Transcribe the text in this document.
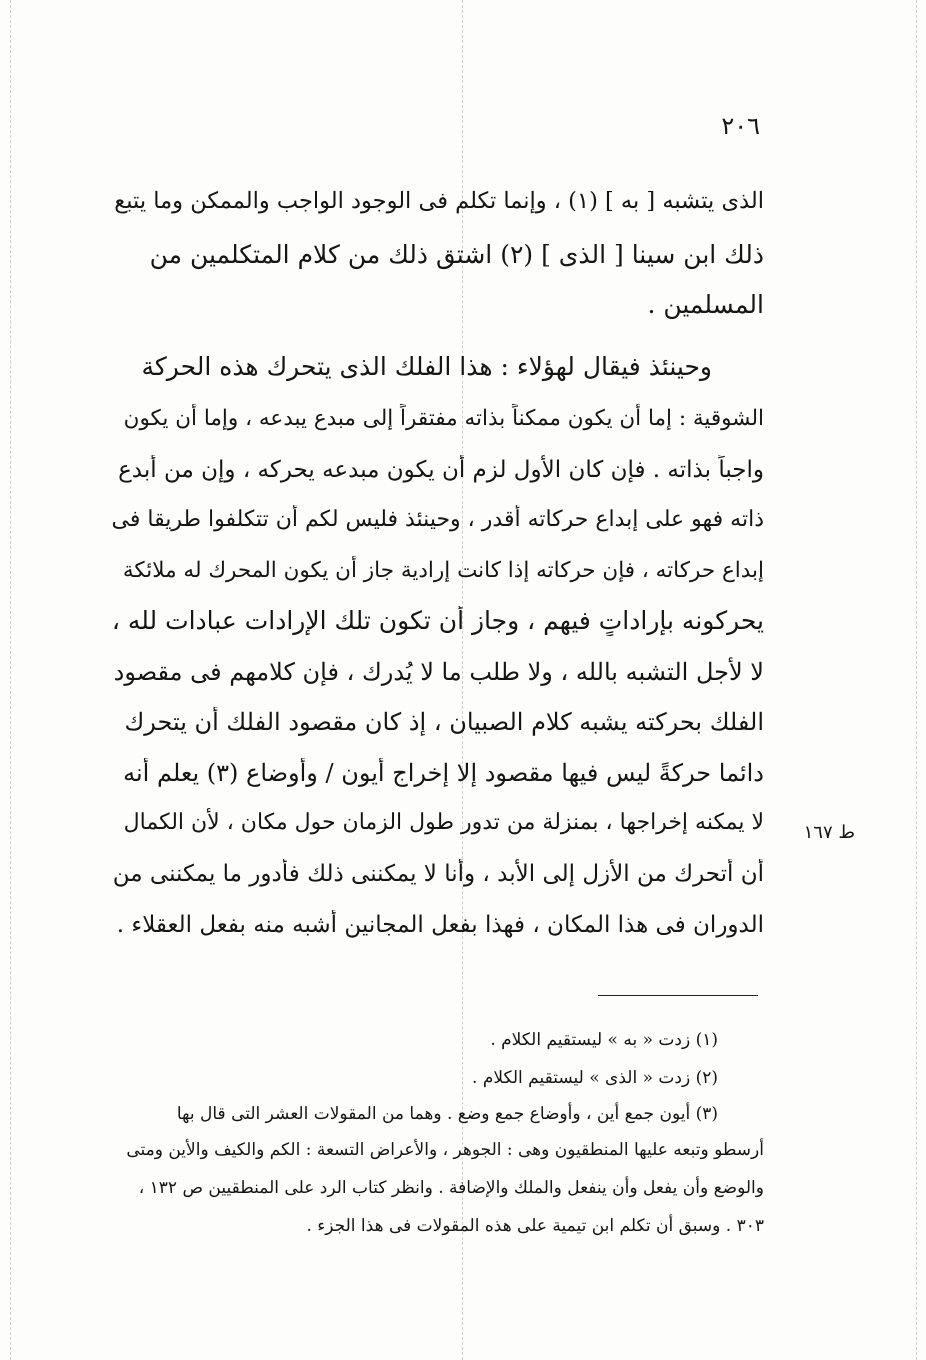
٢٠٦
ط ١٦٧
الذى يتشبه [ به ] (١) ، وإنما تكلم فى الوجود الواجب والممكن وما يتبع
ذلك ابن سينا [ الذى ] (٢) اشتق ذلك من كلام المتكلمين من
المسلمين .
وحينئذ فيقال لهؤلاء : هذا الفلك الذى يتحرك هذه الحركة
الشوقية : إما أن يكون ممكناً بذاته مفتقراً إلى مبدع يبدعه ، وإما أن يكون
واجباً بذاته . فإن كان الأول لزم أن يكون مبدعه يحركه ، وإن من أبدع
ذاته فهو على إبداع حركاته أقدر ، وحينئذ فليس لكم أن تتكلفوا طريقا فى
إبداع حركاته ، فإن حركاته إذا كانت إرادية جاز أن يكون المحرك له ملائكة
يحركونه بإراداتٍ فيهم ، وجاز أن تكون تلك الإرادات عبادات لله ،
لا لأجل التشبه بالله ، ولا طلب ما لا يُدرك ، فإن كلامهم فى مقصود
الفلك بحركته يشبه كلام الصبيان ، إذ كان مقصود الفلك أن يتحرك
دائما حركةً ليس فيها مقصود إلا إخراج أيون / وأوضاع (٣) يعلم أنه
لا يمكنه إخراجها ، بمنزلة من تدور طول الزمان حول مكان ، لأن الكمال
أن أتحرك من الأزل إلى الأبد ، وأنا لا يمكننى ذلك فأدور ما يمكننى من
الدوران فى هذا المكان ، فهذا بفعل المجانين أشبه منه بفعل العقلاء .
(١) زدت « به » ليستقيم الكلام .
(٢) زدت « الذى » ليستقيم الكلام .
(٣) أيون جمع أين ، وأوضاع جمع وضع . وهما من المقولات العشر التى قال بها
أرسطو وتبعه عليها المنطقيون وهى : الجوهر ، والأعراض التسعة : الكم والكيف والأين ومتى
والوضع وأن يفعل وأن ينفعل والملك والإضافة . وانظر كتاب الرد على المنطقيين ص ١٣٢ ،
٣٠٣ . وسبق أن تكلم ابن تيمية على هذه المقولات فى هذا الجزء .
